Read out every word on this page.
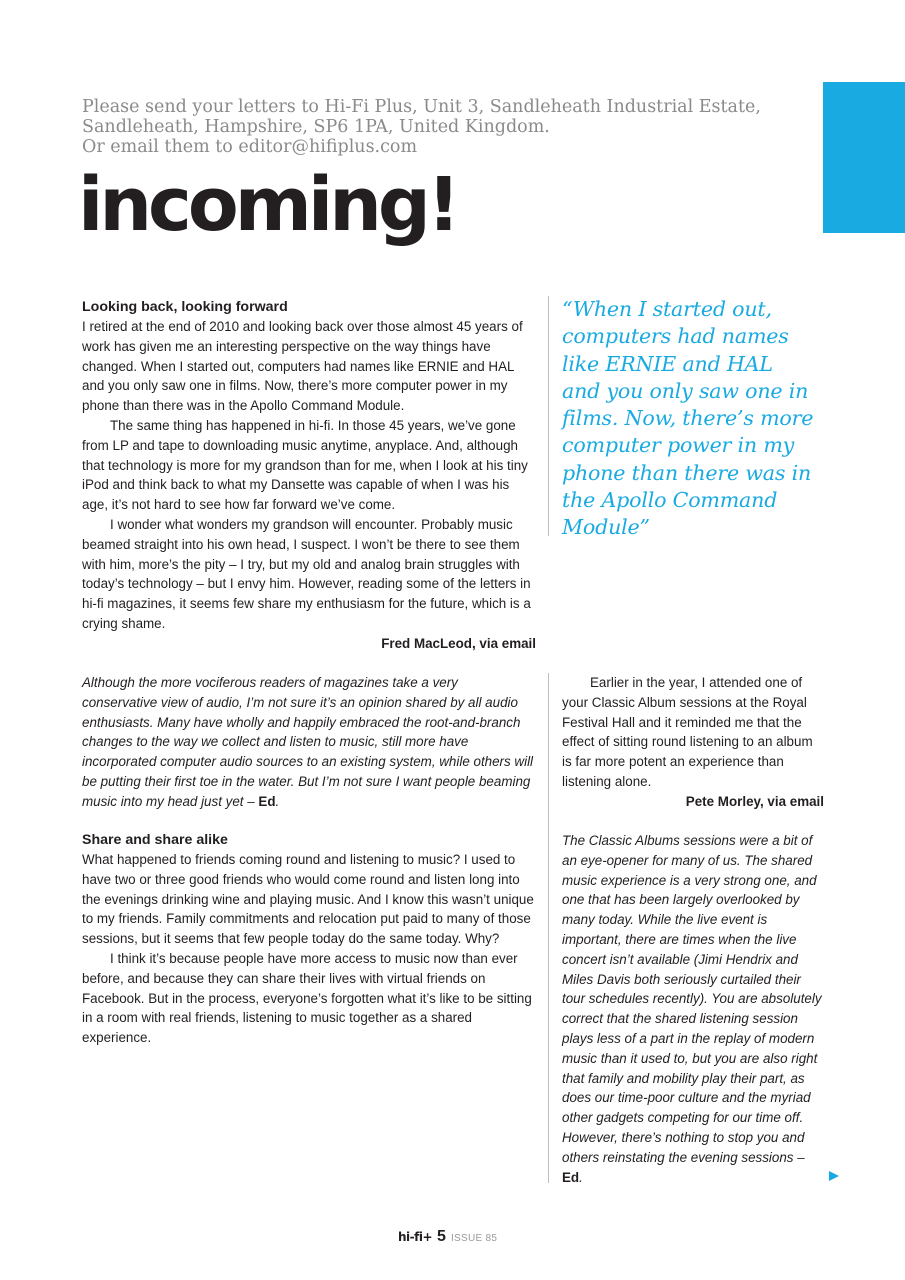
Please send your letters to Hi-Fi Plus, Unit 3, Sandleheath Industrial Estate,

Sandleheath, Hampshire, SP6 1PA, United Kingdom.

Or email them to editor@hifiplus.com

incoming!
Looking back, looking forward

I retired at the end of 2010 and looking back over those almost 45 years of work has given me an interesting perspective on the way things have changed. When I started out, computers had names like ERNIE and HAL and you only saw one in films. Now, there’s more computer power in my phone than there was in the Apollo Command Module.

The same thing has happened in hi-fi. In those 45 years, we’ve gone from LP and tape to downloading music anytime, anyplace. And, although that technology is more for my grandson than for me, when I look at his tiny iPod and think back to what my Dansette was capable of when I was his age, it’s not hard to see how far forward we’ve come.

I wonder what wonders my grandson will encounter. Probably music beamed straight into his own head, I suspect. I won’t be there to see them with him, more’s the pity – I try, but my old and analog brain struggles with today’s technology – but I envy him. However, reading some of the letters in hi-fi magazines, it seems few share my enthusiasm for the future, which is a crying shame.

Fred MacLeod, via email

Although the more vociferous readers of magazines take a very conservative view of audio, I’m not sure it’s an opinion shared by all audio enthusiasts. Many have wholly and happily embraced the root-and-branch changes to the way we collect and listen to music, still more have incorporated computer audio sources to an existing system, while others will be putting their first toe in the water. But I’m not sure I want people beaming music into my head just yet – Ed.

Share and share alike

What happened to friends coming round and listening to music? I used to have two or three good friends who would come round and listen long into the evenings drinking wine and playing music. And I know this wasn’t unique to my friends. Family commitments and relocation put paid to many of those sessions, but it seems that few people today do the same today. Why?

I think it’s because people have more access to music now than ever before, and because they can share their lives with virtual friends on Facebook. But in the process, everyone’s forgotten what it’s like to be sitting in a room with real friends, listening to music together as a shared experience.

“When I started out, computers had names like ERNIE and HAL and you only saw one in films. Now, there’s more computer power in my phone than there was in the Apollo Command Module”

Earlier in the year, I attended one of your Classic Album sessions at the Royal Festival Hall and it reminded me that the effect of sitting round listening to an album is far more potent an experience than listening alone.

Pete Morley, via email

The Classic Albums sessions were a bit of an eye-opener for many of us. The shared music experience is a very strong one, and one that has been largely overlooked by many today. While the live event is important, there are times when the live concert isn’t available (Jimi Hendrix and Miles Davis both seriously curtailed their tour schedules recently). You are absolutely correct that the shared listening session plays less of a part in the replay of modern music than it used to, but you are also right that family and mobility play their part, as does our time-poor culture and the myriad other gadgets competing for our time off. However, there’s nothing to stop you and others reinstating the evening sessions – Ed.

hi-fi+ 5 ISSUE 85
